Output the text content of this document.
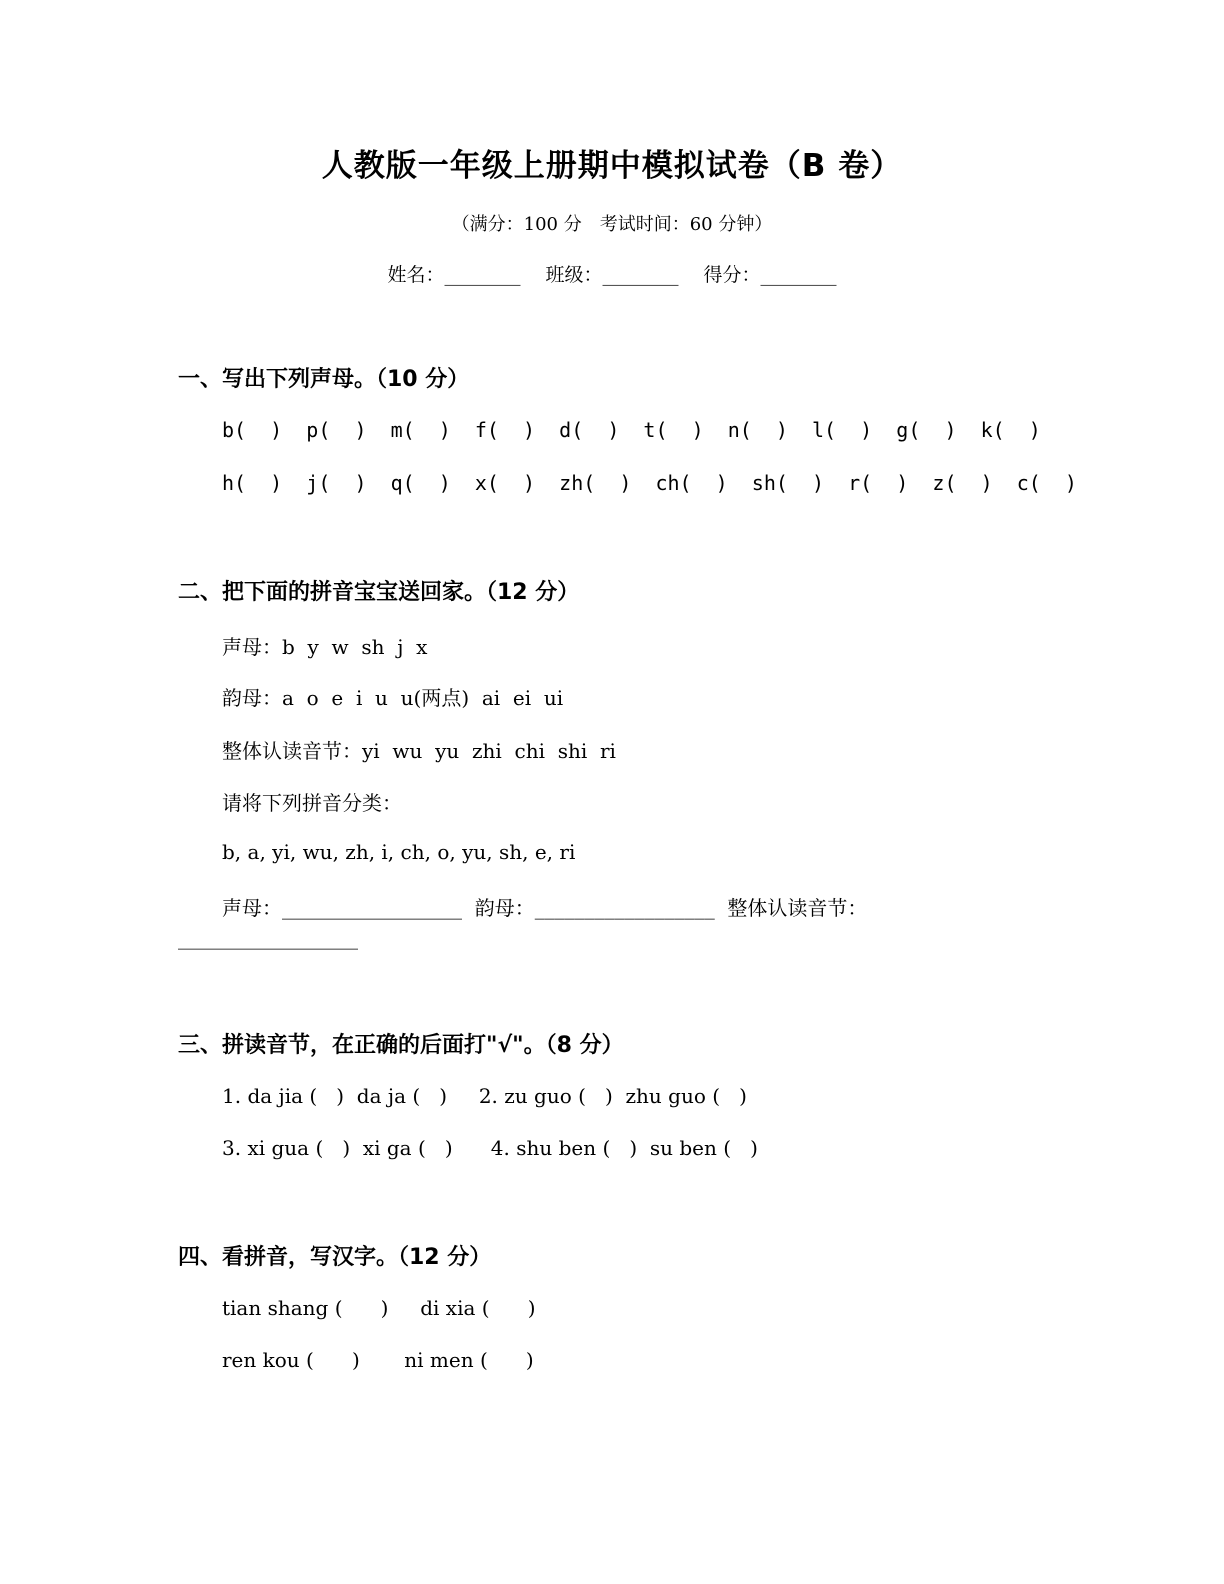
人教版一年级上册期中模拟试卷（B 卷）
（满分：100 分　考试时间：60 分钟）
姓名：________　 班级：________　 得分：________
一、写出下列声母。（10 分）
b(  )  p(  )  m(  )  f(  )  d(  )  t(  )  n(  )  l(  )  g(  )  k(  )
h(  )  j(  )  q(  )  x(  )  zh(  )  ch(  )  sh(  )  r(  )  z(  )  c(  )
二、把下面的拼音宝宝送回家。（12 分）
声母：b  y  w  sh  j  x
韵母：a  o  e  i  u  u(两点)  ai  ei  ui
整体认读音节：yi  wu  yu  zhi  chi  shi  ri
请将下列拼音分类：
b, a, yi, wu, zh, i, ch, o, yu, sh, e, ri
声母：__________________  韵母：__________________  整体认读音节：
__________________
三、拼读音节，在正确的后面打"√"。（8 分）
1. da jia (   )  da ja (   )     2. zu guo (   )  zhu guo (   )
3. xi gua (   )  xi ga (   )      4. shu ben (   )  su ben (   )
四、看拼音，写汉字。（12 分）
tian shang (      )     di xia (      )
ren kou (      )       ni men (      )
